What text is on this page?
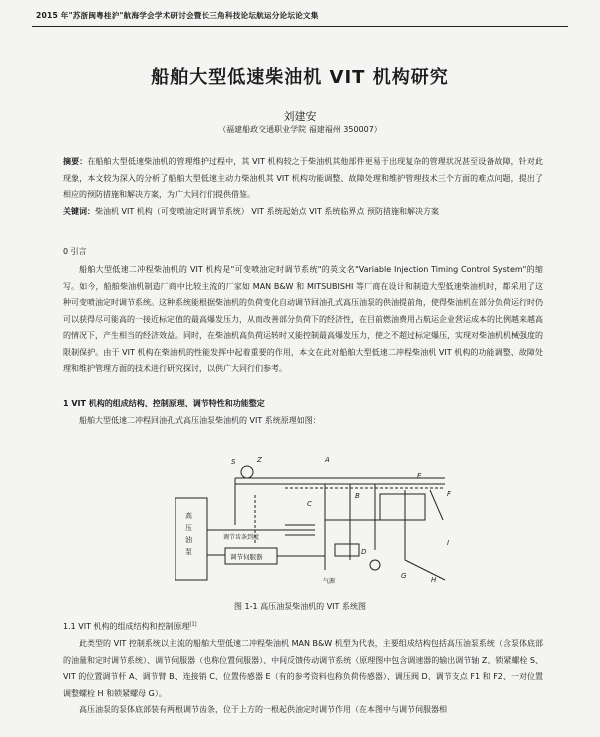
2015 年"苏浙闽粤桂沪"航海学会学术研讨会暨长三角科技论坛航运分论坛论文集
船舶大型低速柴油机 VIT 机构研究
刘建安
（福建船政交通职业学院 福建福州 350007）
摘要：在船舶大型低速柴油机的管理维护过程中，其 VIT 机构较之于柴油机其他部件更易于出现复杂的管理状况甚至设备故障，针对此现象，本文较为深入的分析了船舶大型低速主动力柴油机其 VIT 机构功能调整、故障处理和维护管理技术三个方面的难点问题，提出了相应的预防措施和解决方案，为广大同行们提供借鉴。
关键词：柴油机 VIT 机构（可变喷油定时调节系统） VIT 系统起始点 VIT 系统临界点 预防措施和解决方案
0 引言
船舶大型低速二冲程柴油机的 VIT 机构是"可变喷油定时调节系统"的英文名"Variable Injection Timing Control System"的缩写。如今，船舶柴油机制造厂商中比较主流的厂家如 MAN B&W 和 MITSUBISHI 等厂商在设计和制造大型低速柴油机时，都采用了这种可变喷油定时调节系统。这种系统能根据柴油机的负荷变化自动调节回油孔式高压油泵的供油提前角，使得柴油机在部分负荷运行时仍可以获得尽可能高的一接近标定值的最高爆发压力，从而改善部分负荷下的经济性，在目前燃油费用占航运企业营运成本的比例越来越高的情况下，产生相当的经济效益。同时，在柴油机高负荷运转时又能控制最高爆发压力，使之不超过标定爆压，实现对柴油机机械强度的限制保护。由于 VIT 机构在柴油机的性能发挥中起着重要的作用，本文在此对船舶大型低速二冲程柴油机 VIT 机构的功能调整、故障处理和维护管理方面的技术进行研究探讨，以供广大同行们参考。
1 VIT 机构的组成结构、控制原理、调节特性和功能整定
船舶大型低速二冲程回油孔式高压油泵柴油机的 VIT 系统原理如图：
高
压
油
泵
调节齿条到度
调节伺服器
气源
S	Z	A
E
B
C
F
I
D
G	H
图 1-1 高压油泵柴油机的 VIT 系统图
1.1 VIT 机构的组成结构和控制原理[1]
此类型的 VIT 控制系统以主流的船舶大型低速二冲程柴油机 MAN B&W 机型为代表，主要组成结构包括高压油泵系统（含泵体底部的油量和定时调节系统）、调节伺服器（也称位置伺服器）、中间反馈传动调节系统（原理图中包含调速器的输出调节轴 Z、锁紧螺栓 S、VIT 的位置调节杆 A、调节臂 B、连接销 C、位置传感器 E（有的参考资料也称负荷传感器）、调压阀 D、调节支点 F1 和 F2、一对位置调整螺栓 H 和锁紧螺母 G）。
高压油泵的泵体底部装有两根调节齿条，位于上方的一根起供油定时调节作用（在本图中与调节伺服器相
